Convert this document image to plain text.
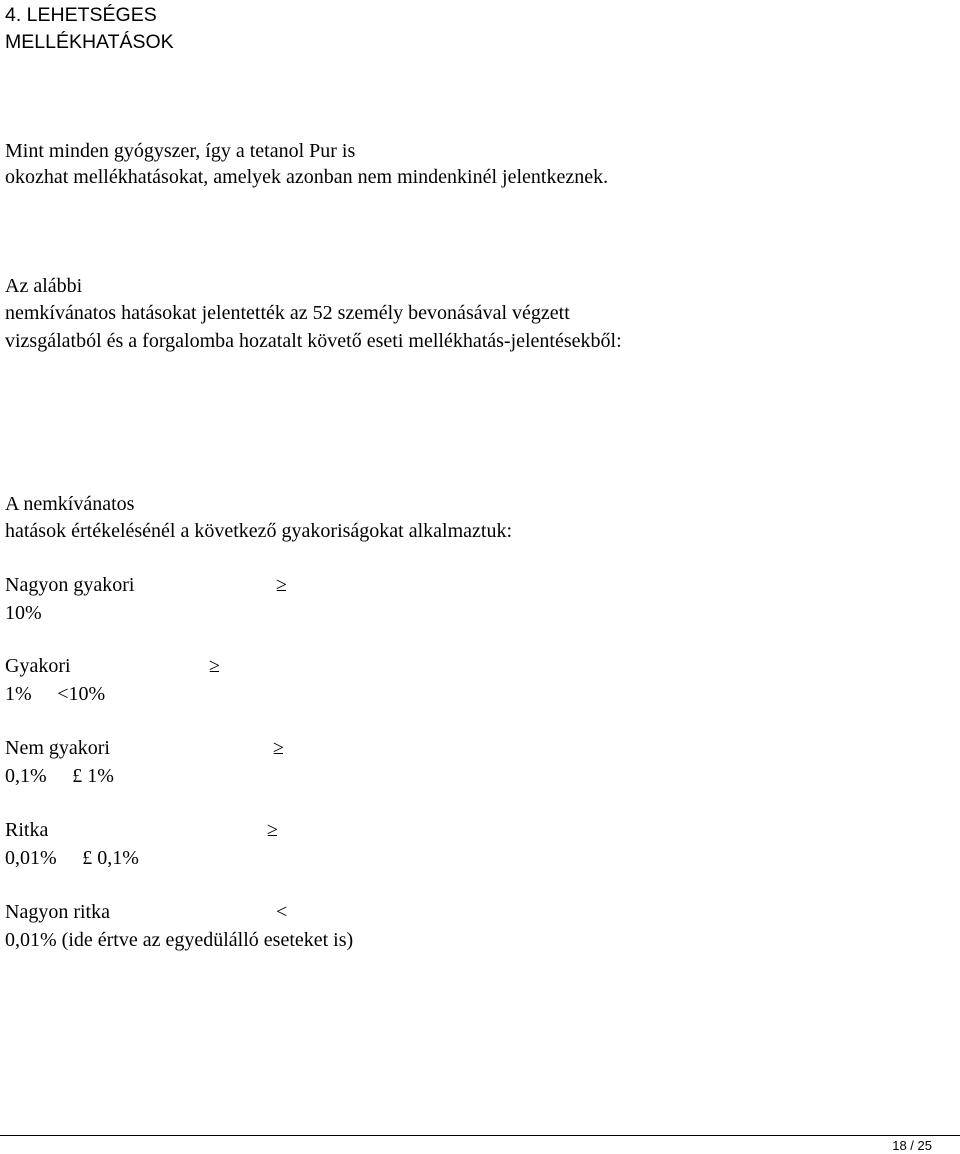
4. LEHETSÉGES
MELLÉKHATÁSOK
Mint minden gyógyszer, így a tetanol Pur is
okozhat mellékhatásokat, amelyek azonban nem mindenkinél jelentkeznek.
Az alábbi
nemkívánatos hatásokat jelentették az 52 személy bevonásával végzett
vizsgálatból és a forgalomba hozatalt követő eseti mellékhatás-jelentésekből:
A nemkívánatos
hatások értékelésénél a következő gyakoriságokat alkalmaztuk:
Nagyon gyakori	≥
10%
Gyakori	≥
1% <10%
Nem gyakori	≥
0,1% £ 1%
Ritka	≥
0,01% £ 0,1%
Nagyon ritka	<
0,01% (ide értve az egyedülálló eseteket is)
18 / 25
